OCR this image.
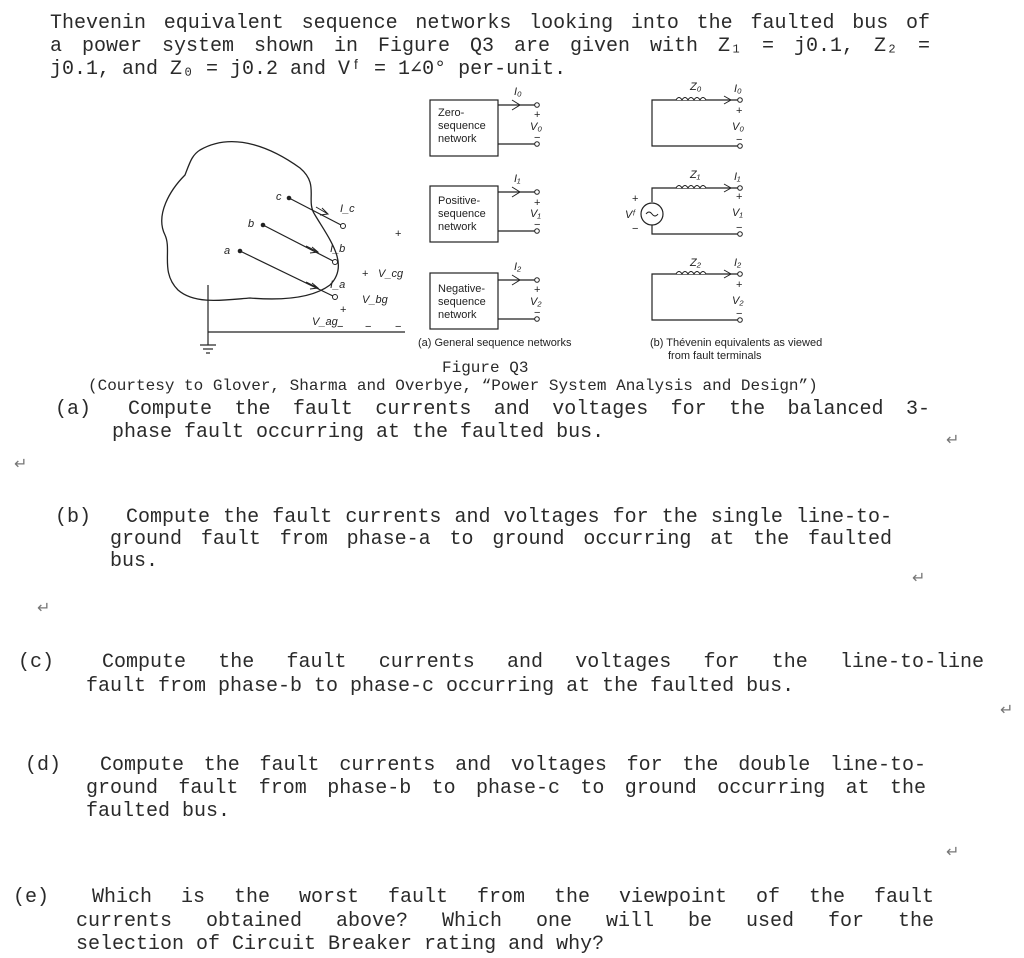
Thevenin equivalent sequence networks looking into the faulted bus of
a power system shown in Figure Q3 are given with Z₁ = j0.1, Z₂ =
j0.1, and Z₀ = j0.2 and Vᶠ = 1∠0° per-unit.
c
b
a
I_c
I_b
I_a
+
+ V_cg
V_bg
+
V_ag − − −
Zero-
sequence
network
I₀
+
V₀
−
Positive-
sequence
network
I₁
+
V₁
−
Negative-
sequence
network
I₂
+
V₂
−
Z₀	I₀
+
V₀
−
Z₁	I₁
+
Vᶠ
−
+
V₁
−
Z₂	I₂
+
V₂
−
(a) General sequence networks	(b) Thévenin equivalents as viewed
from fault terminals
Figure Q3
(Courtesy to Glover, Sharma and Overbye, “Power System Analysis and Design”)
(a) Compute the fault currents and voltages for the balanced 3-
phase fault occurring at the faulted bus.	↵
↵
(b) Compute the fault currents and voltages for the single line-to-
ground fault from phase-a to ground occurring at the faulted
bus.
↵
↵
(c) Compute the fault currents and voltages for the line-to-line
fault from phase-b to phase-c occurring at the faulted bus.
↵
(d) Compute the fault currents and voltages for the double line-to-
ground fault from phase-b to phase-c to ground occurring at the
faulted bus.
↵
(e) Which is the worst fault from the viewpoint of the fault
currents obtained above? Which one will be used for the
selection of Circuit Breaker rating and why?
